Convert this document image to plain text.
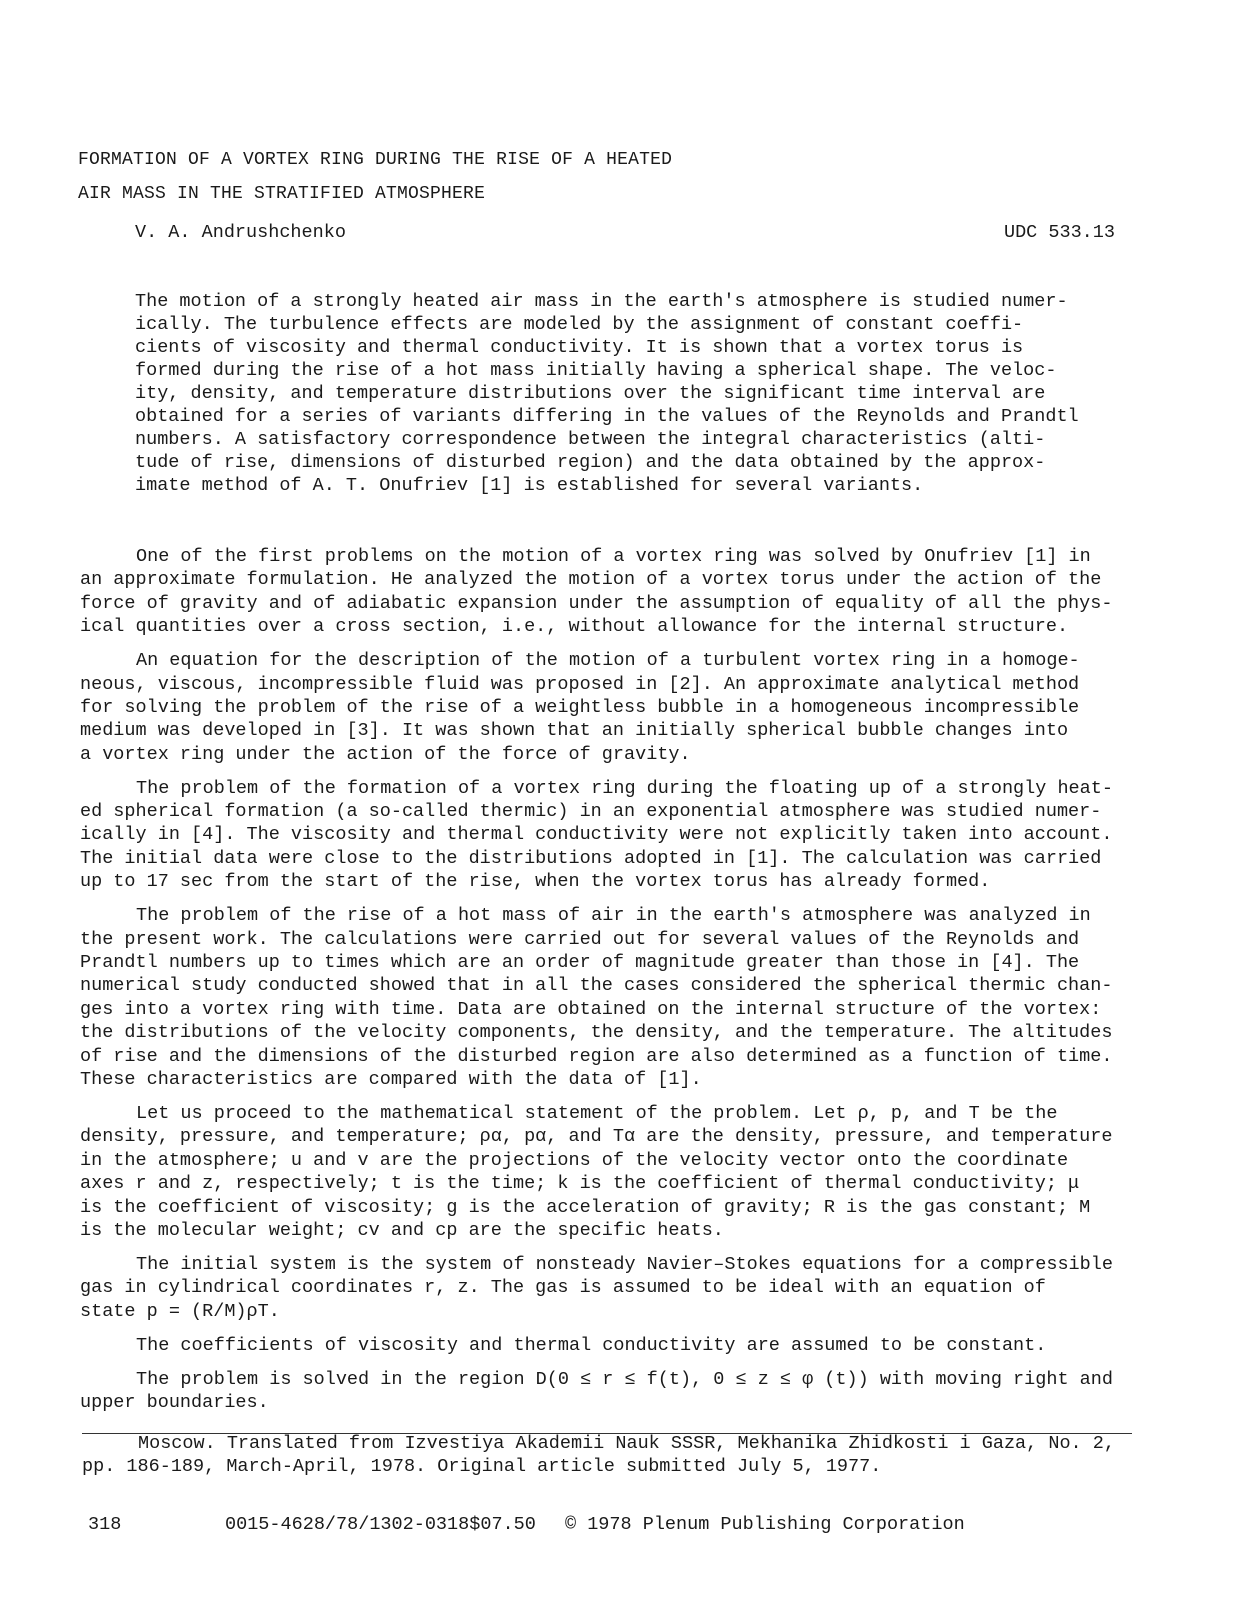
FORMATION OF A VORTEX RING DURING THE RISE OF A HEATED
AIR MASS IN THE STRATIFIED ATMOSPHERE
V. A. Andrushchenko	UDC 533.13
The motion of a strongly heated air mass in the earth's atmosphere is studied numer-
ically. The turbulence effects are modeled by the assignment of constant coeffi-
cients of viscosity and thermal conductivity. It is shown that a vortex torus is
formed during the rise of a hot mass initially having a spherical shape. The veloc-
ity, density, and temperature distributions over the significant time interval are
obtained for a series of variants differing in the values of the Reynolds and Prandtl
numbers. A satisfactory correspondence between the integral characteristics (alti-
tude of rise, dimensions of disturbed region) and the data obtained by the approx-
imate method of A. T. Onufriev [1] is established for several variants.
One of the first problems on the motion of a vortex ring was solved by Onufriev [1] in
an approximate formulation. He analyzed the motion of a vortex torus under the action of the
force of gravity and of adiabatic expansion under the assumption of equality of all the phys-
ical quantities over a cross section, i.e., without allowance for the internal structure.
An equation for the description of the motion of a turbulent vortex ring in a homoge-
neous, viscous, incompressible fluid was proposed in [2]. An approximate analytical method
for solving the problem of the rise of a weightless bubble in a homogeneous incompressible
medium was developed in [3]. It was shown that an initially spherical bubble changes into
a vortex ring under the action of the force of gravity.
The problem of the formation of a vortex ring during the floating up of a strongly heat-
ed spherical formation (a so-called thermic) in an exponential atmosphere was studied numer-
ically in [4]. The viscosity and thermal conductivity were not explicitly taken into account.
The initial data were close to the distributions adopted in [1]. The calculation was carried
up to 17 sec from the start of the rise, when the vortex torus has already formed.
The problem of the rise of a hot mass of air in the earth's atmosphere was analyzed in
the present work. The calculations were carried out for several values of the Reynolds and
Prandtl numbers up to times which are an order of magnitude greater than those in [4]. The
numerical study conducted showed that in all the cases considered the spherical thermic chan-
ges into a vortex ring with time. Data are obtained on the internal structure of the vortex:
the distributions of the velocity components, the density, and the temperature. The altitudes
of rise and the dimensions of the disturbed region are also determined as a function of time.
These characteristics are compared with the data of [1].
Let us proceed to the mathematical statement of the problem. Let ρ, p, and T be the
density, pressure, and temperature; ρα, pα, and Tα are the density, pressure, and temperature
in the atmosphere; u and v are the projections of the velocity vector onto the coordinate
axes r and z, respectively; t is the time; k is the coefficient of thermal conductivity; μ
is the coefficient of viscosity; g is the acceleration of gravity; R is the gas constant; M
is the molecular weight; cv and cp are the specific heats.
The initial system is the system of nonsteady Navier–Stokes equations for a compressible
gas in cylindrical coordinates r, z. The gas is assumed to be ideal with an equation of
state p = (R/M)ρT.
The coefficients of viscosity and thermal conductivity are assumed to be constant.
The problem is solved in the region D(0 ≤ r ≤ f(t), 0 ≤ z ≤ φ (t)) with moving right and
upper boundaries.
Moscow. Translated from Izvestiya Akademii Nauk SSSR, Mekhanika Zhidkosti i Gaza, No. 2,
pp. 186-189, March-April, 1978. Original article submitted July 5, 1977.
318	0015-4628/78/1302-0318$07.50 © 1978 Plenum Publishing Corporation
